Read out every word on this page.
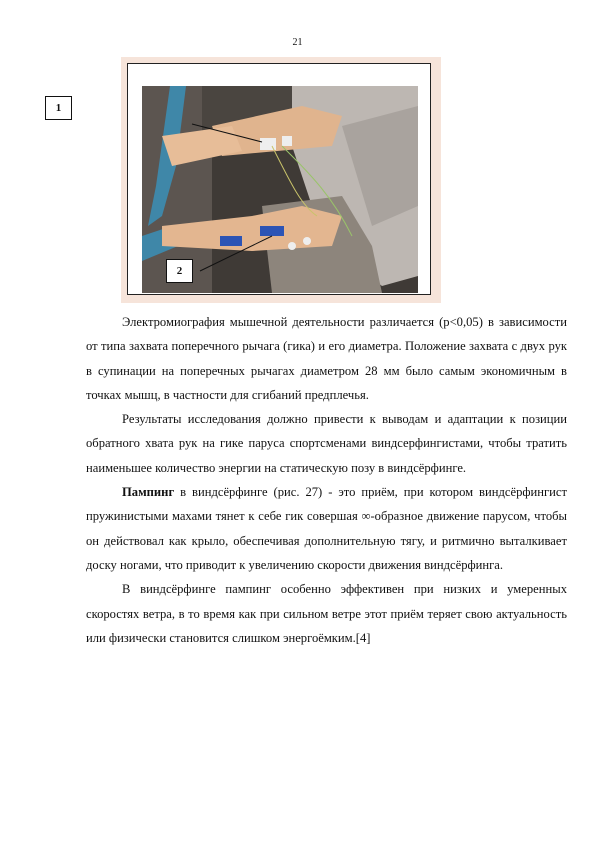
21
1
2

Электромиография мышечной деятельности различается (р<0,05) в зависимости от типа захвата поперечного рычага (гика) и его диаметра. Положение захвата с двух рук в супинации на поперечных рычагах диаметром 28 мм было самым экономичным в точках мышц, в частности для сгибаний предплечья.

Результаты исследования должно привести к выводам и адаптации к позиции обратного хвата рук на гике паруса спортсменами виндсерфингистами, чтобы тратить наименьшее количество энергии на статическую позу в виндсёрфинге.

Пампинг в виндсёрфинге (рис. 27) - это приём, при котором виндсёрфингист пружинистыми махами тянет к себе гик совершая ∞-образное движение парусом, чтобы он действовал как крыло, обеспечивая дополнительную тягу, и ритмично выталкивает доску ногами, что приводит к увеличению скорости движения виндсёрфинга.

В виндсёрфинге пампинг особенно эффективен при низких и умеренных скоростях ветра, в то время как при сильном ветре этот приём теряет свою актуальность или физически становится слишком энергоёмким.[4]
